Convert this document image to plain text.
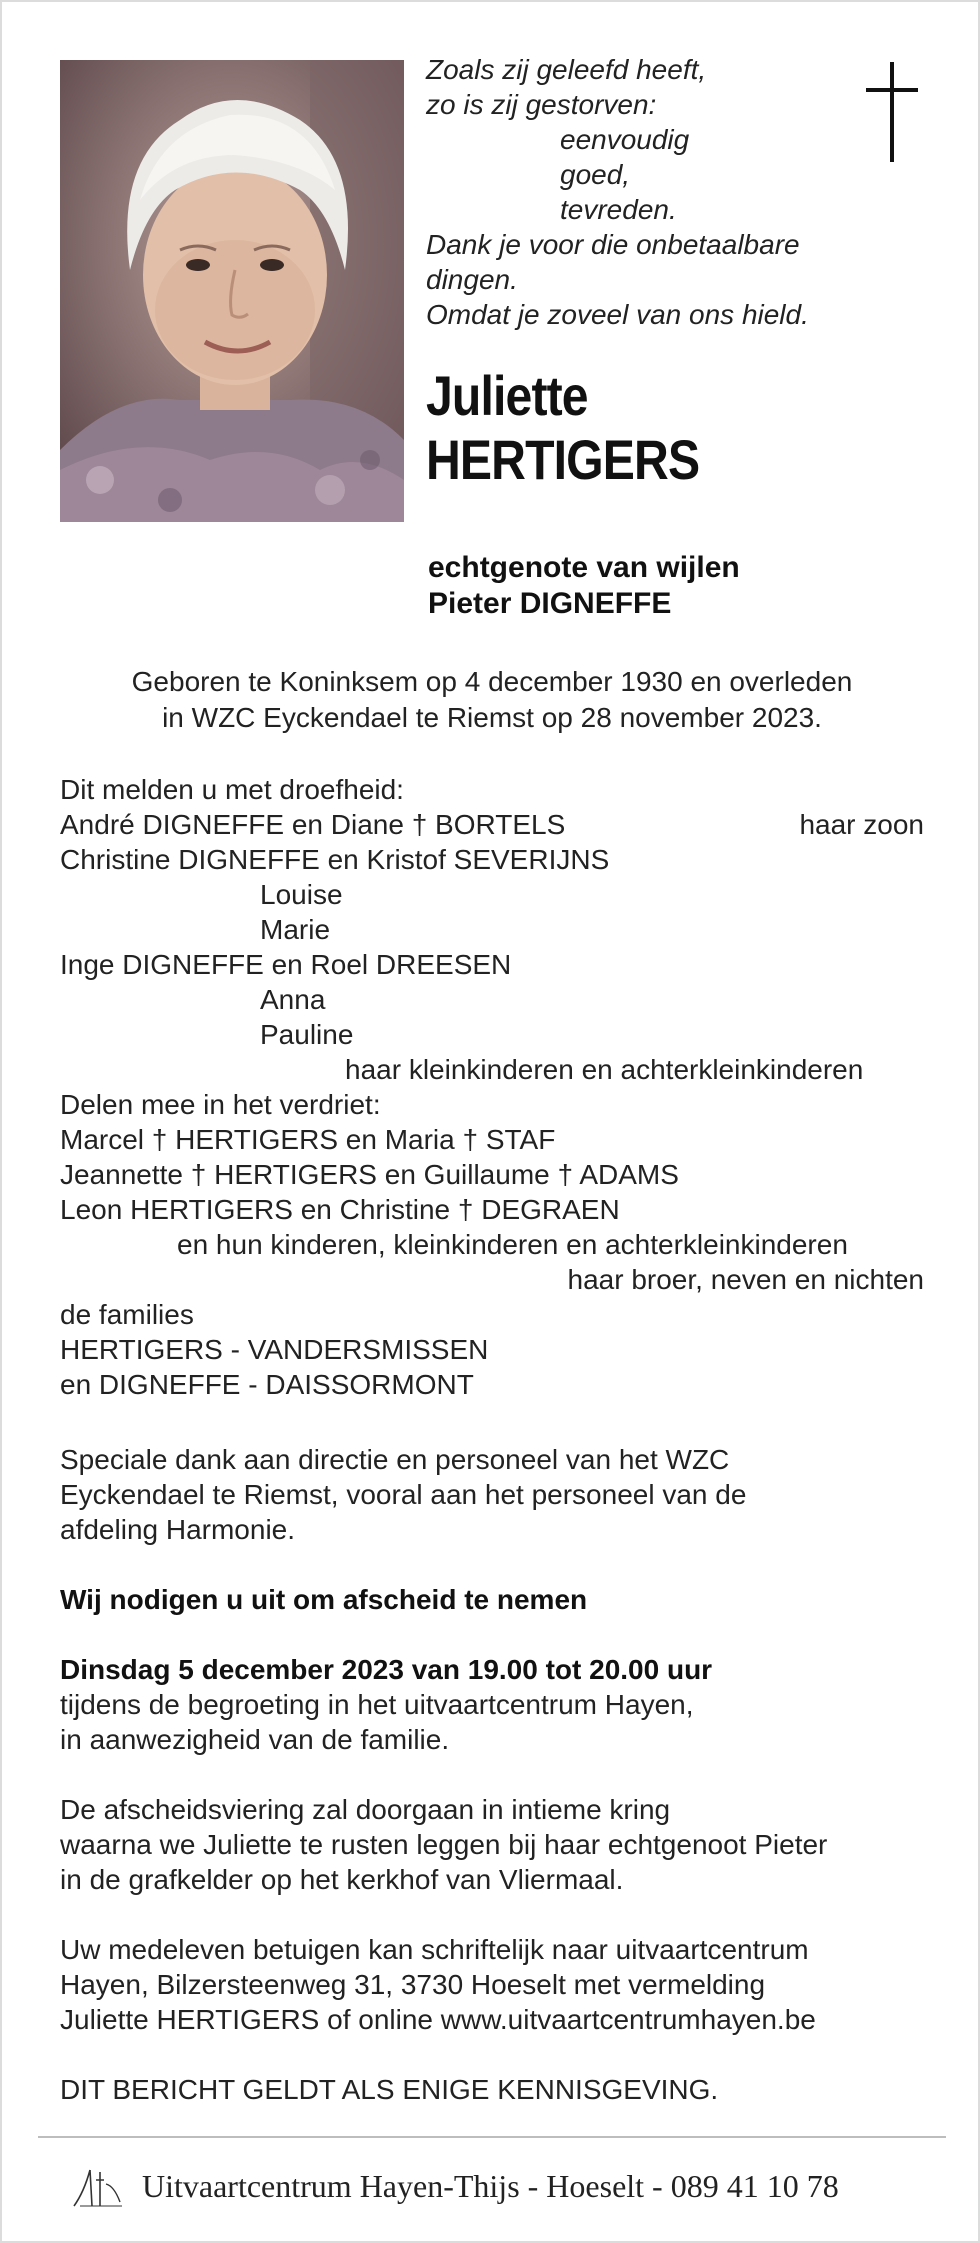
Zoals zij geleefd heeft,
zo is zij gestorven:
eenvoudig
goed,
tevreden.
Dank je voor die onbetaalbare
dingen.
Omdat je zoveel van ons hield.
Juliette
HERTIGERS
echtgenote van wijlen
Pieter DIGNEFFE
Geboren te Koninksem op 4 december 1930 en overleden
in WZC Eyckendael te Riemst op 28 november 2023.
Dit melden u met droefheid:
André DIGNEFFE en Diane † BORTELS	haar zoon
Christine DIGNEFFE en Kristof SEVERIJNS
Louise
Marie
Inge DIGNEFFE en Roel DREESEN
Anna
Pauline
haar kleinkinderen en achterkleinkinderen
Delen mee in het verdriet:
Marcel † HERTIGERS en Maria † STAF
Jeannette † HERTIGERS en Guillaume † ADAMS
Leon HERTIGERS en Christine † DEGRAEN
en hun kinderen, kleinkinderen en achterkleinkinderen
haar broer, neven en nichten
de families
HERTIGERS - VANDERSMISSEN
en DIGNEFFE - DAISSORMONT

Speciale dank aan directie en personeel van het WZC
Eyckendael te Riemst, vooral aan het personeel van de
afdeling Harmonie.

Wij nodigen u uit om afscheid te nemen

Dinsdag 5 december 2023 van 19.00 tot 20.00 uur
tijdens de begroeting in het uitvaartcentrum Hayen,
in aanwezigheid van de familie.

De afscheidsviering zal doorgaan in intieme kring
waarna we Juliette te rusten leggen bij haar echtgenoot Pieter
in de grafkelder op het kerkhof van Vliermaal.

Uw medeleven betuigen kan schriftelijk naar uitvaartcentrum
Hayen, Bilzersteenweg 31, 3730 Hoeselt met vermelding
Juliette HERTIGERS of online www.uitvaartcentrumhayen.be

DIT BERICHT GELDT ALS ENIGE KENNISGEVING.

Uitvaartcentrum Hayen-Thijs - Hoeselt - 089 41 10 78
